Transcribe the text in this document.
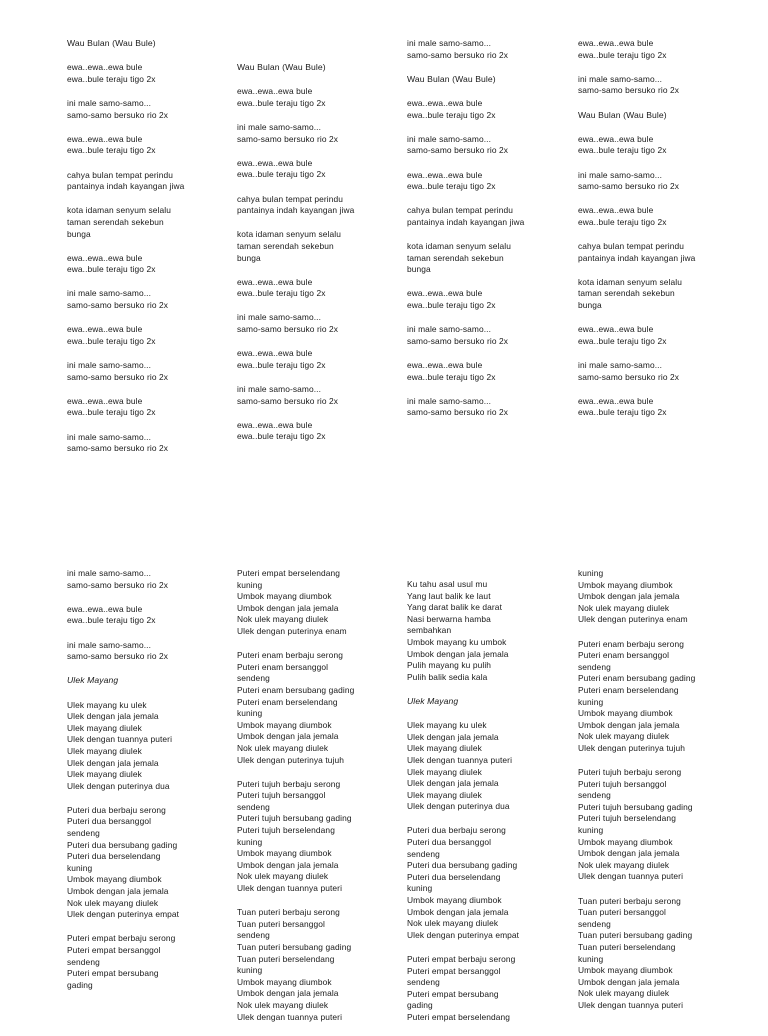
Wau Bulan (Wau Bule)
ewa..ewa..ewa bule
ewa..bule teraju tigo 2x
ini male samo-samo...
samo-samo bersuko rio 2x
ewa..ewa..ewa bule
ewa..bule teraju tigo 2x
cahya bulan tempat perindu
pantainya indah kayangan jiwa
kota idaman senyum selalu
taman serendah sekebun
bunga
ewa..ewa..ewa bule
ewa..bule teraju tigo 2x
ini male samo-samo...
samo-samo bersuko rio 2x
ewa..ewa..ewa bule
ewa..bule teraju tigo 2x
ini male samo-samo...
samo-samo bersuko rio 2x
ewa..ewa..ewa bule
ewa..bule teraju tigo 2x
ini male samo-samo...
samo-samo bersuko rio 2x
Wau Bulan (Wau Bule)
ewa..ewa..ewa bule
ewa..bule teraju tigo 2x
ini male samo-samo...
samo-samo bersuko rio 2x
ewa..ewa..ewa bule
ewa..bule teraju tigo 2x
cahya bulan tempat perindu
pantainya indah kayangan jiwa
kota idaman senyum selalu
taman serendah sekebun
bunga
ewa..ewa..ewa bule
ewa..bule teraju tigo 2x
ini male samo-samo...
samo-samo bersuko rio 2x
ewa..ewa..ewa bule
ewa..bule teraju tigo 2x
ini male samo-samo...
samo-samo bersuko rio 2x
ewa..ewa..ewa bule
ewa..bule teraju tigo 2x
ini male samo-samo...
samo-samo bersuko rio 2x
Wau Bulan (Wau Bule)
ewa..ewa..ewa bule
ewa..bule teraju tigo 2x
ini male samo-samo...
samo-samo bersuko rio 2x
ewa..ewa..ewa bule
ewa..bule teraju tigo 2x
cahya bulan tempat perindu
pantainya indah kayangan jiwa
kota idaman senyum selalu
taman serendah sekebun
bunga
ewa..ewa..ewa bule
ewa..bule teraju tigo 2x
ini male samo-samo...
samo-samo bersuko rio 2x
ewa..ewa..ewa bule
ewa..bule teraju tigo 2x
ini male samo-samo...
samo-samo bersuko rio 2x
ewa..ewa..ewa bule
ewa..bule teraju tigo 2x
ini male samo-samo...
samo-samo bersuko rio 2x
Wau Bulan (Wau Bule)
ewa..ewa..ewa bule
ewa..bule teraju tigo 2x
ini male samo-samo...
samo-samo bersuko rio 2x
ewa..ewa..ewa bule
ewa..bule teraju tigo 2x
cahya bulan tempat perindu
pantainya indah kayangan jiwa
kota idaman senyum selalu
taman serendah sekebun
bunga
ewa..ewa..ewa bule
ewa..bule teraju tigo 2x
ini male samo-samo...
samo-samo bersuko rio 2x
ewa..ewa..ewa bule
ewa..bule teraju tigo 2x
ini male samo-samo...
samo-samo bersuko rio 2x
ewa..ewa..ewa bule
ewa..bule teraju tigo 2x
ini male samo-samo...
samo-samo bersuko rio 2x
Ulek Mayang
Ulek mayang ku ulek
Ulek dengan jala jemala
Ulek mayang diulek
Ulek dengan tuannya puteri
Ulek mayang diulek
Ulek dengan jala jemala
Ulek mayang diulek
Ulek dengan puterinya dua
Puteri dua berbaju serong
Puteri dua bersanggol
sendeng
Puteri dua bersubang gading
Puteri dua berselendang
kuning
Umbok mayang diumbok
Umbok dengan jala jemala
Nok ulek mayang diulek
Ulek dengan puterinya empat
Puteri empat berbaju serong
Puteri empat bersanggol
sendeng
Puteri empat bersubang
gading
Puteri empat berselendang
kuning
Umbok mayang diumbok
Umbok dengan jala jemala
Nok ulek mayang diulek
Ulek dengan puterinya enam
Puteri enam berbaju serong
Puteri enam bersanggol
sendeng
Puteri enam bersubang gading
Puteri enam berselendang
kuning
Umbok mayang diumbok
Umbok dengan jala jemala
Nok ulek mayang diulek
Ulek dengan puterinya tujuh
Puteri tujuh berbaju serong
Puteri tujuh bersanggol
sendeng
Puteri tujuh bersubang gading
Puteri tujuh berselendang
kuning
Umbok mayang diumbok
Umbok dengan jala jemala
Nok ulek mayang diulek
Ulek dengan tuannya puteri
Tuan puteri berbaju serong
Tuan puteri bersanggol
sendeng
Tuan puteri bersubang gading
Tuan puteri berselendang
kuning
Umbok mayang diumbok
Umbok dengan jala jemala
Nok ulek mayang diulek
Ulek dengan tuannya puteri
Ku tahu asal usul mu
Yang laut balik ke laut
Yang darat balik ke darat
Nasi berwarna hamba
sembahkan
Umbok mayang ku umbok
Umbok dengan jala jemala
Pulih mayang ku pulih
Pulih balik sedia kala
Ulek Mayang
Ulek mayang ku ulek
Ulek dengan jala jemala
Ulek mayang diulek
Ulek dengan tuannya puteri
Ulek mayang diulek
Ulek dengan jala jemala
Ulek mayang diulek
Ulek dengan puterinya dua
Puteri dua berbaju serong
Puteri dua bersanggol
sendeng
Puteri dua bersubang gading
Puteri dua berselendang
kuning
Umbok mayang diumbok
Umbok dengan jala jemala
Nok ulek mayang diulek
Ulek dengan puterinya empat
Puteri empat berbaju serong
Puteri empat bersanggol
sendeng
Puteri empat bersubang
gading
Puteri empat berselendang
kuning
Umbok mayang diumbok
Umbok dengan jala jemala
Nok ulek mayang diulek
Ulek dengan puterinya enam
Puteri enam berbaju serong
Puteri enam bersanggol
sendeng
Puteri enam bersubang gading
Puteri enam berselendang
kuning
Umbok mayang diumbok
Umbok dengan jala jemala
Nok ulek mayang diulek
Ulek dengan puterinya tujuh
Puteri tujuh berbaju serong
Puteri tujuh bersanggol
sendeng
Puteri tujuh bersubang gading
Puteri tujuh berselendang
kuning
Umbok mayang diumbok
Umbok dengan jala jemala
Nok ulek mayang diulek
Ulek dengan tuannya puteri
Tuan puteri berbaju serong
Tuan puteri bersanggol
sendeng
Tuan puteri bersubang gading
Tuan puteri berselendang
kuning
Umbok mayang diumbok
Umbok dengan jala jemala
Nok ulek mayang diulek
Ulek dengan tuannya puteri
